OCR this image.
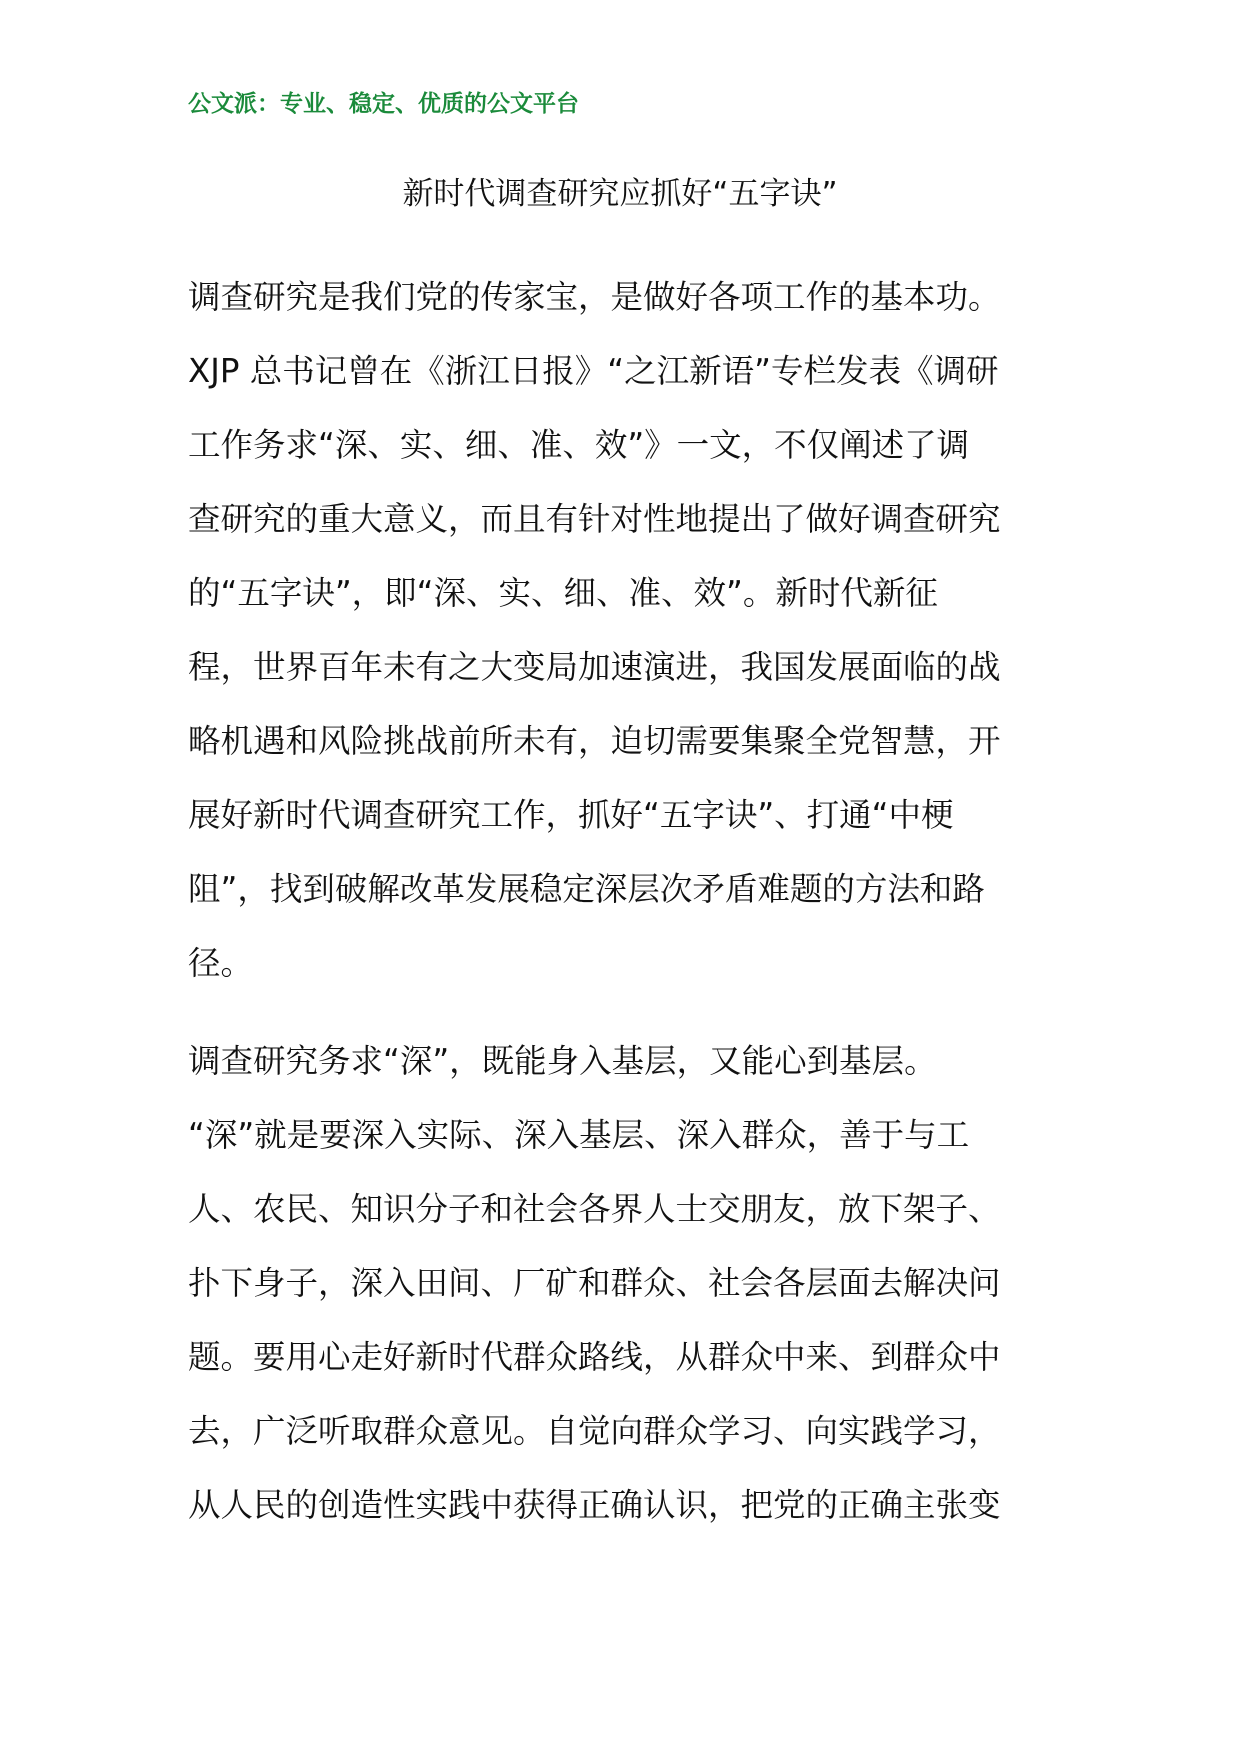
公文派：专业、稳定、优质的公文平台
新时代调查研究应抓好“五字诀”
调查研究是我们党的传家宝，是做好各项工作的基本功。
XJP 总书记曾在《浙江日报》“之江新语”专栏发表《调研
工作务求“深、实、细、准、效”》一文，不仅阐述了调
查研究的重大意义，而且有针对性地提出了做好调查研究
的“五字诀”，即“深、实、细、准、效”。新时代新征
程，世界百年未有之大变局加速演进，我国发展面临的战
略机遇和风险挑战前所未有，迫切需要集聚全党智慧，开
展好新时代调查研究工作，抓好“五字诀”、打通“中梗
阻”，找到破解改革发展稳定深层次矛盾难题的方法和路
径。
调查研究务求“深”，既能身入基层，又能心到基层。
“深”就是要深入实际、深入基层、深入群众，善于与工
人、农民、知识分子和社会各界人士交朋友，放下架子、
扑下身子，深入田间、厂矿和群众、社会各层面去解决问
题。要用心走好新时代群众路线，从群众中来、到群众中
去，广泛听取群众意见。自觉向群众学习、向实践学习，
从人民的创造性实践中获得正确认识，把党的正确主张变
